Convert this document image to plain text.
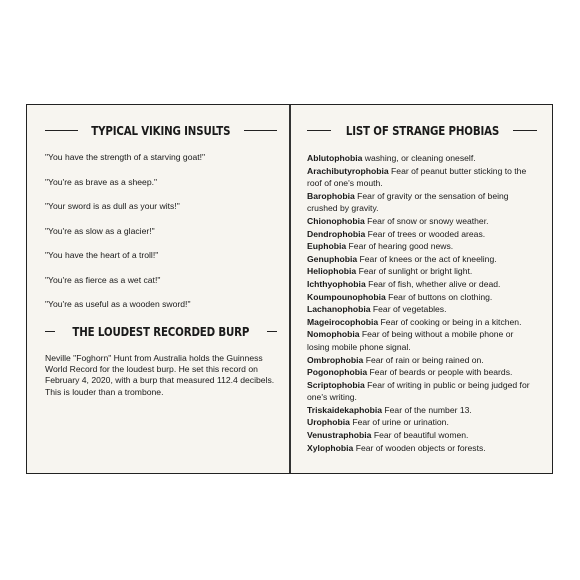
TYPICAL VIKING INSULTS
"You have the strength of a starving goat!"
"You're as brave as a sheep."
"Your sword is as dull as your wits!"
"You're as slow as a glacier!"
"You have the heart of a troll!"
"You're as fierce as a wet cat!"
"You're as useful as a wooden sword!"
THE LOUDEST RECORDED BURP

Neville "Foghorn" Hunt from Australia holds the Guinness World Record for the loudest burp. He set this record on February 4, 2020, with a burp that measured 112.4 decibels. This is louder than a trombone.

LIST OF STRANGE PHOBIAS
Ablutophobia washing, or cleaning oneself.
Arachibutyrophobia Fear of peanut butter sticking to the roof of one's mouth.
Barophobia Fear of gravity or the sensation of being crushed by gravity.
Chionophobia Fear of snow or snowy weather.
Dendrophobia Fear of trees or wooded areas.
Euphobia Fear of hearing good news.
Genuphobia Fear of knees or the act of kneeling.
Heliophobia Fear of sunlight or bright light.
Ichthyophobia Fear of fish, whether alive or dead.
Koumpounophobia Fear of buttons on clothing.
Lachanophobia Fear of vegetables.
Mageirocophobia Fear of cooking or being in a kitchen.
Nomophobia Fear of being without a mobile phone or losing mobile phone signal.
Ombrophobia Fear of rain or being rained on.
Pogonophobia Fear of beards or people with beards.
Scriptophobia Fear of writing in public or being judged for one's writing.
Triskaidekaphobia Fear of the number 13.
Urophobia Fear of urine or urination.
Venustraphobia Fear of beautiful women.
Xylophobia Fear of wooden objects or forests.
